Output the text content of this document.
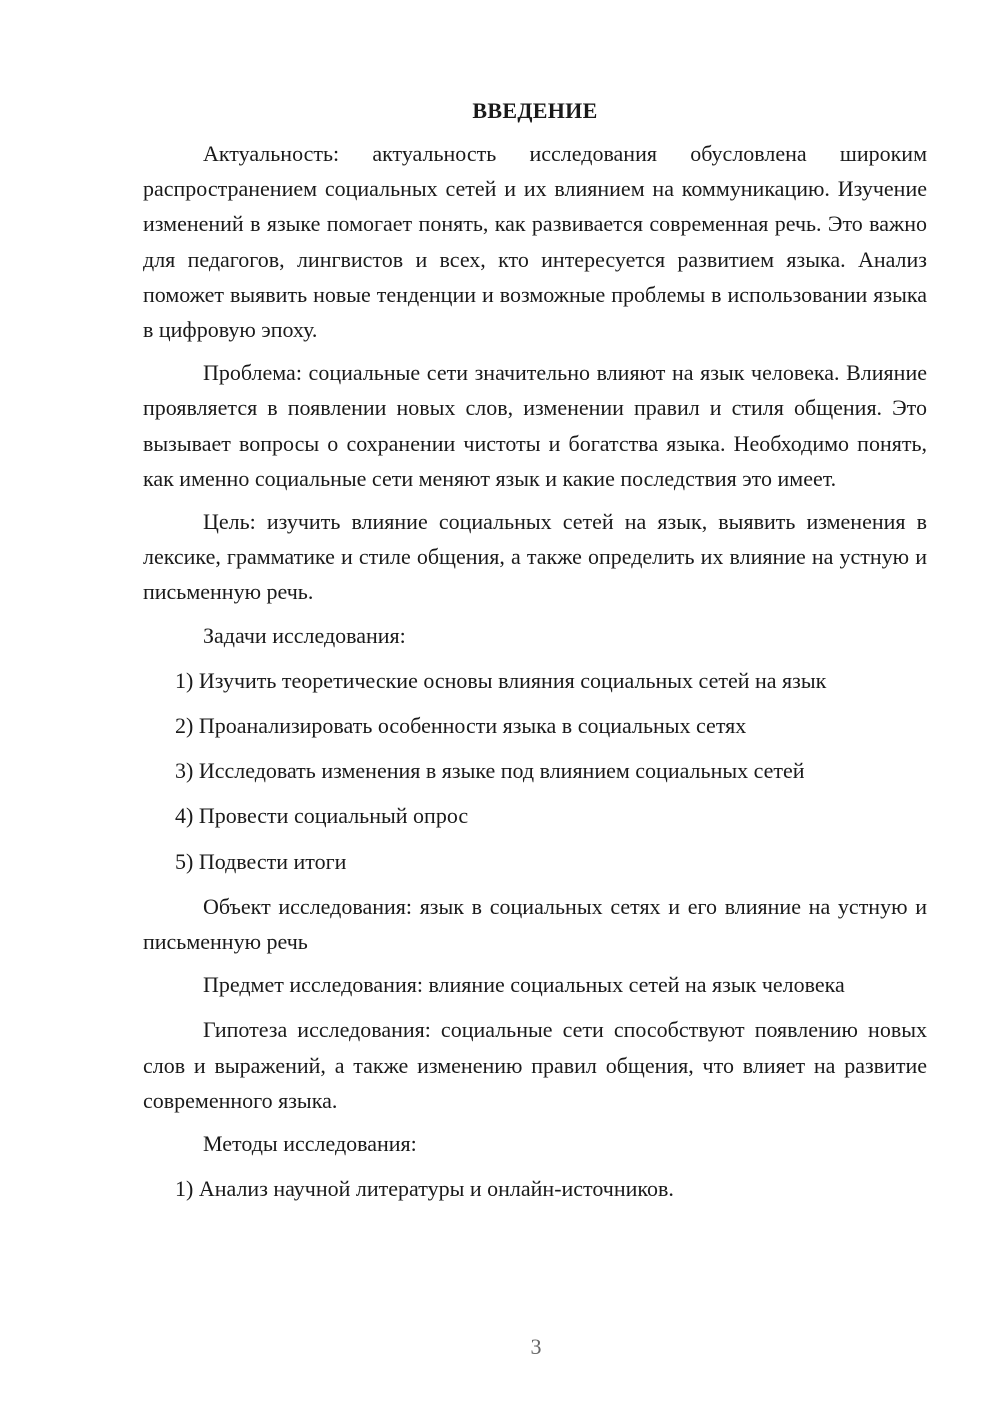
ВВЕДЕНИЕ

Актуальность: актуальность исследования обусловлена широким распространением социальных сетей и их влиянием на коммуникацию. Изучение изменений в языке помогает понять, как развивается современная речь. Это важно для педагогов, лингвистов и всех, кто интересуется развитием языка. Анализ поможет выявить новые тенденции и возможные проблемы в использовании языка в цифровую эпоху.

Проблема: социальные сети значительно влияют на язык человека. Влияние проявляется в появлении новых слов, изменении правил и стиля общения. Это вызывает вопросы о сохранении чистоты и богатства языка. Необходимо понять, как именно социальные сети меняют язык и какие последствия это имеет.

Цель: изучить влияние социальных сетей на язык, выявить изменения в лексике, грамматике и стиле общения, а также определить их влияние на устную и письменную речь.

Задачи исследования:

1) Изучить теоретические основы влияния социальных сетей на язык
2) Проанализировать особенности языка в социальных сетях
3) Исследовать изменения в языке под влиянием социальных сетей
4) Провести социальный опрос
5) Подвести итоги

Объект исследования: язык в социальных сетях и его влияние на устную и письменную речь

Предмет исследования: влияние социальных сетей на язык человека

Гипотеза исследования: социальные сети способствуют появлению новых слов и выражений, а также изменению правил общения, что влияет на развитие современного языка.

Методы исследования:

1) Анализ научной литературы и онлайн-источников.
3
